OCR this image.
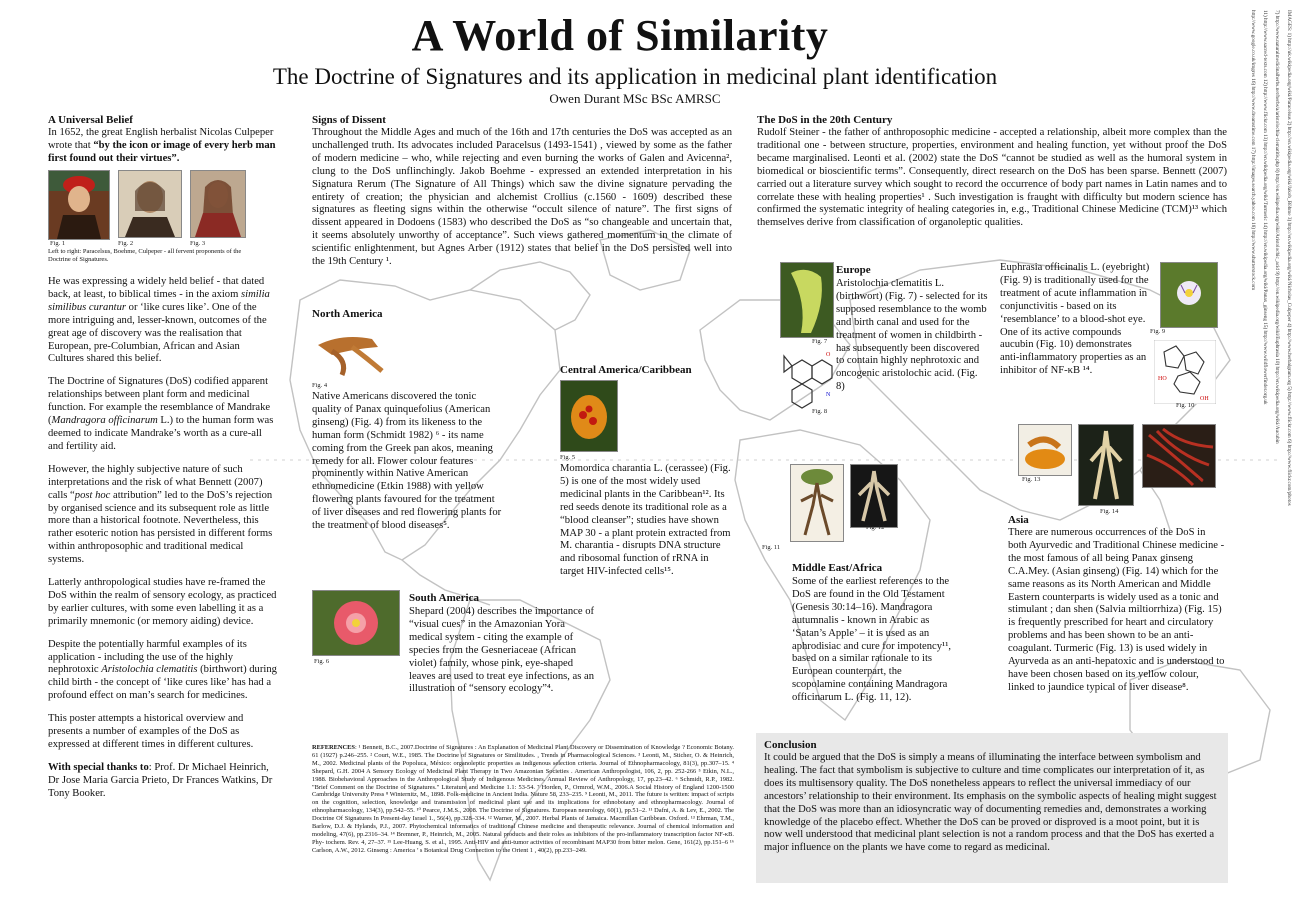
A World of Similarity
The Doctrine of Signatures and its application in medicinal plant identification
Owen Durant MSc BSc AMRSC
A Universal Belief
In 1652, the great English herbalist Nicolas Culpeper wrote that “by the icon or image of every herb man first found out their virtues”.
Fig. 1	Fig. 2	Fig. 3
Left to right: Paracelsus, Boehme, Culpeper - all fervent proponents of the Doctrine of Signatures.

He was expressing a widely held belief - that dated back, at least, to biblical times - in the axiom similia similibus curantur or ‘like cures like’. One of the more intriguing and, lesser-known, outcomes of the great age of discovery was the realisation that European, pre-Columbian, African and Asian Cultures shared this belief.

The Doctrine of Signatures (DoS) codified apparent relationships between plant form and medicinal function. For example the resemblance of Mandrake (Mandragora officinarum L.) to the human form was deemed to indicate Mandrake’s worth as a cure-all and fertility aid.

However, the highly subjective nature of such interpretations and the risk of what Bennett (2007) calls “post hoc attribution” led to the DoS’s rejection by organised science and its subsequent role as little more than a historical footnote. Nevertheless, this rather esoteric notion has persisted in different forms within anthroposophic and traditional medical systems.

Latterly anthropological studies have re-framed the DoS within the realm of sensory ecology, as practiced by earlier cultures, with some even labelling it as a primarily mnemonic (or memory aiding) device.

Despite the potentially harmful examples of its application - including the use of the highly nephrotoxic Aristolochia clematitis (birthwort) during child birth - the concept of ‘like cures like’ has had a profound effect on man’s search for medicines.

This poster attempts a historical overview and presents a number of examples of the DoS as expressed at different times in different cultures.

With special thanks to: Prof. Dr Michael Heinrich, Dr Jose Maria Garcia Prieto, Dr Frances Watkins, Dr Tony Booker.

Signs of Dissent
Throughout the Middle Ages and much of the 16th and 17th centuries the DoS was accepted as an unchallenged truth. Its advocates included Paracelsus (1493-1541) , viewed by some as the father of modern medicine – who, while rejecting and even burning the works of Galen and Avicenna², clung to the DoS unflinchingly. Jakob Boehme - expressed an extended interpretation in his Signatura Rerum (The Signature of All Things) which saw the divine signature pervading the entirety of creation; the physician and alchemist Crollius (c.1560 - 1609) described these signatures as fleeting signs within the otherwise “occult silence of nature”. The first signs of dissent appeared in Dodoens (1583) who described the DoS as “so changeable and uncertain that, it seems absolutely unworthy of acceptance”. Such views gathered momentum in the climate of scientific enlightenment, but Agnes Arber (1912) states that belief in the DoS persisted well into the 19th Century ¹.
North America
Fig. 4
Native Americans discovered the tonic quality of Panax quinquefolius (American ginseng) (Fig. 4) from its likeness to the human form (Schmidt 1982) ⁶ - its name coming from the Greek pan akos, meaning remedy for all. Flower colour features prominently within Native American ethnomedicine (Etkin 1988) with yellow flowering plants favoured for the treatment of liver diseases and red flowering plants for the treatment of blood diseases⁵.
Central America/Caribbean
Fig. 5
Momordica charantia L. (cerassee) (Fig. 5) is one of the most widely used medicinal plants in the Caribbean¹². Its red seeds denote its traditional role as a “blood cleanser”; studies have shown MAP 30 - a plant protein extracted from M. charantia - disrupts DNA structure and ribosomal function of rRNA in target HIV-infected cells¹⁵.
Fig. 6
South America
Shepard (2004) describes the importance of “visual cues” in the Amazonian Yora medical system - citing the example of species from the Gesneriaceae (African violet) family, whose pink, eye-shaped leaves are used to treat eye infections, as an illustration of “sensory ecology”⁴.
REFERENCES: ¹ Bennett, B.C., 2007.Doctrine of Signatures : An Explanation of Medicinal Plant Discovery or Dissemination of Knowledge ? Economic Botany. 61 (1927) p.246–255. ² Court, W.E., 1985. The Doctrine of Signatures or Similitudes. , Trends in Pharmacological Sciences. ³ Leonti, M., Sticher, O. & Heinrich, M., 2002. Medicinal plants of the Popoluca, México: organoleptic properties as indigenous selection criteria. Journal of Ethnopharmacology, 81(3), pp.307–15. ⁴ Shepard, G.H. 2004 A Sensory Ecology of Medicinal Plant Therapy in Two Amazonian Societies . American Anthropologist, 106, 2, pp. 252-266 ⁵ Etkin, N.L., 1988. Biobehavioral Approaches in the Anthropological Study of Indigenous Medicines. Annual Review of Anthropology, 17, pp.23–42. ⁶ Schmidt, R.P., 1982. "Brief Comment on the Doctrine of Signatures." Literature and Medicine 1.1: 53-54. ⁷ Horden, P., Ormrod, W.M., 2006.A Social History of England 1200-1500 Cambridge University Press ⁸ Winternitz, M., 1898. Folk-medicine in Ancient India. Nature 58, 233–235. ⁹ Leonti, M., 2011. The future is written: impact of scripts on the cognition, selection, knowledge and transmission of medicinal plant use and its implications for ethnobotany and ethnopharmacology. Journal of ethnopharmacology, 134(3), pp.542–55. ¹⁰ Pearce, J.M.S., 2008. The Doctrine of Signatures. European neurology, 60(1), pp.51–2. ¹¹ Dafni, A. & Lev, E., 2002. The Doctrine Of Signatures In Present-day Israel 1., 56(4), pp.328–334. ¹² Warner, M., 2007. Herbal Plants of Jamaica. Macmillan Caribbean. Oxford. ¹³ Ehrman, T.M., Barlow, D.J. & Hylands, P.J., 2007. Phytochemical informatics of traditional Chinese medicine and therapeutic relevance. Journal of chemical information and modeling, 47(6), pp.2316–34. ¹⁴ Bremner, P., Heinrich, M., 2005. Natural products and their roles as inhibitors of the pro-inflammatory transcription factor NF-κB. Phy- tochem. Rev. 4, 27–37. ¹⁵ Lee-Huang, S. et al., 1995. Anti-HIV and anti-tumor activities of recombinant MAP30 from bitter melon. Gene, 161(2), pp.151–6 ¹⁶ Carlson, A.W., 2012. Ginseng : America ’ s Botanical Drug Connection to the Orient 1 , 40(2), pp.233–249.
The DoS in the 20th Century
Rudolf Steiner - the father of anthroposophic medicine - accepted a relationship, albeit more complex than the traditional one - between structure, properties, environment and healing function, yet without proof the DoS became marginalised. Leonti et al. (2002) state the DoS “cannot be studied as well as the humoral system in biomedical or bioscientific terms”. Consequently, direct research on the DoS has been sparse. Bennett (2007) carried out a literature survey which sought to record the occurrence of body part names in Latin names and to correlate these with healing properties¹ . Such investigation is fraught with difficulty but modern science has confirmed the systematic integrity of healing categories in, e.g., Traditional Chinese Medicine (TCM)¹³ which themselves derive from classification of organoleptic qualities.
Fig. 7
O
N
Fig. 8
Europe
Aristolochia clematitis L. (birthwort) (Fig. 7) - selected for its supposed resemblance to the womb and birth canal and used for the treatment of women in childbirth - has subsequently been discovered to contain highly nephrotoxic and oncogenic aristolochic acid. (Fig. 8)
Euphrasia officinalis L. (eyebright) (Fig. 9) is traditionally used for the treatment of acute inflammation in conjunctivitis - based on its ‘resemblance’ to a blood-shot eye. One of its active compounds aucubin (Fig. 10) demonstrates anti-inflammatory properties as an inhibitor of NF-κB ¹⁴.
Fig. 9
HO
OH
Fig. 10
Fig. 11
Fig. 12
Middle East/Africa
Some of the earliest references to the DoS are found in the Old Testament (Genesis 30:14–16). Mandragora autumnalis - known in Arabic as ‘Satan’s Apple’ – it is used as an aphrodisiac and cure for impotency¹¹, based on a similar rationale to its European counterpart, the scopolamine containing Mandragora officinarum L. (Fig. 11, 12).
Fig. 13
Fig. 14
Fig. 15
Asia
There are numerous occurrences of the DoS in both Ayurvedic and Traditional Chinese medicine - the most famous of all being Panax ginseng C.A.Mey. (Asian ginseng) (Fig. 14) which for the same reasons as its North American and Middle Eastern counterparts is widely used as a tonic and stimulant ; dan shen (Salvia miltiorrhiza) (Fig. 15) is frequently prescribed for heart and circulatory problems and has been shown to be an anti-coagulant. Turmeric (Fig. 13) is used widely in Ayurveda as an anti-hepatoxic and is understood to have been chosen based on its yellow colour, linked to jaundice typical of liver disease⁸.
Conclusion
It could be argued that the DoS is simply a means of illuminating the interface between symbolism and healing. The fact that symbolism is subjective to culture and time complicates our interpretation of it, as does its multisensory quality. The DoS nonetheless appears to reflect the universal immediacy of our ancestors’ relationship to their environment. Its emphasis on the symbolic aspects of healing might suggest that the DoS was more than an idiosyncratic way of documenting remedies and, demonstrates a working knowledge of the placebo effect. Whether the DoS can be proved or disproved is a moot point, but it is now well understood that medicinal plant selection is not a random process and that the DoS has exerted a major influence on the plants we have come to regard as medicinal.
IMAGES: 1) http://uk.wikipedia.org/wiki/Paracelsus 2) http://en.wikipedia.org/wiki/Jakob_Böhme 3) http://en.wikipedia.org/wiki/Nicholas_Culpeper 4) http://www.herbalgram.org 5) http://www.flickr.com 6) http://www.flickr.com/photos
7) http://www.naturalmedicinalherbs.net/herbs/a/aristolochia-clematitis.php 8) http://en.wikipedia.org/wiki/Aristolochic_acid 9) http://en.wikipedia.org/wiki/Euphrasia 10) http://en.wikipedia.org/wiki/Aucubin
11) http://www.sacred-texts.com 12) http://www.flickr.com 13) http://en.wikipedia.org/wiki/Turmeric 14) http://en.wikipedia.org/wiki/Panax_ginseng 15) http://www.wildflowerfinder.org.uk
http://www.google.co.uk/imgres 16) http://www.dreamstime.com 17) http://images.search.yahoo.com 18) http://www.shutterstock.com
